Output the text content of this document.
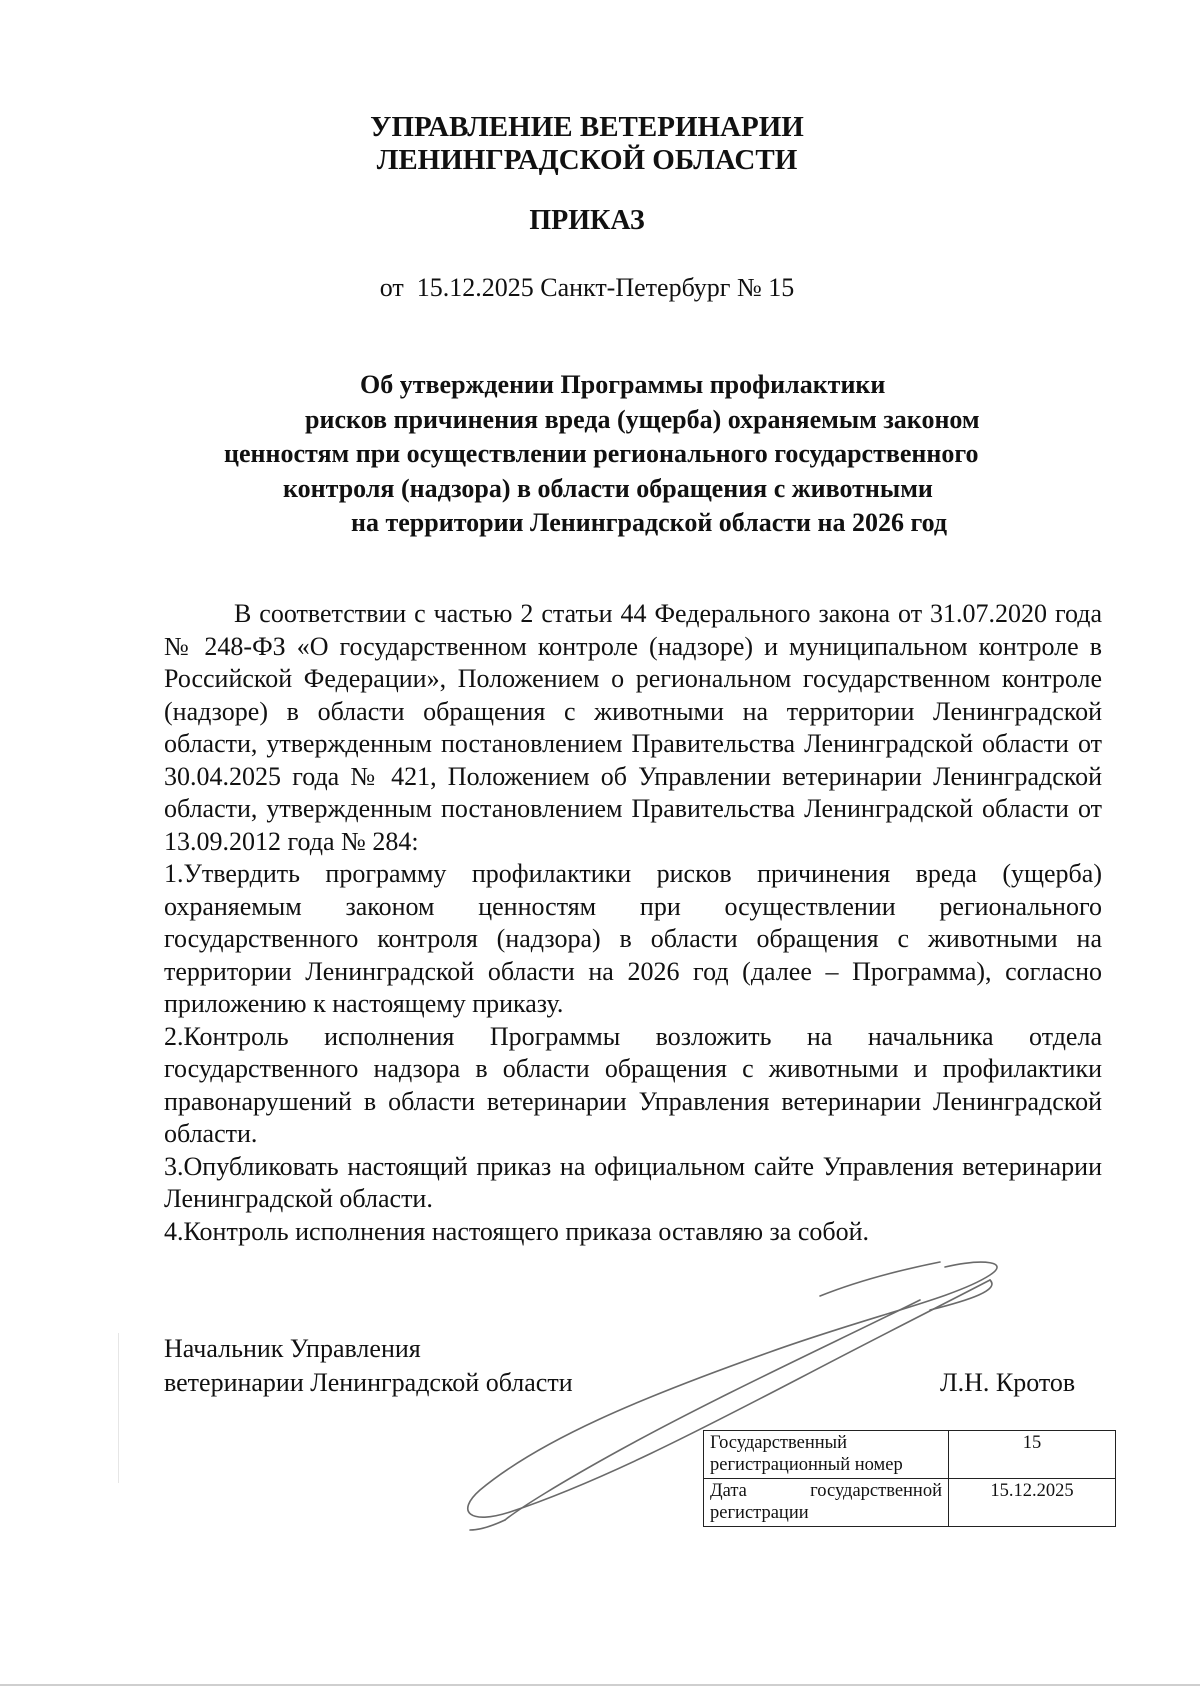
УПРАВЛЕНИЕ ВЕТЕРИНАРИИ
ЛЕНИНГРАДСКОЙ ОБЛАСТИ
ПРИКАЗ
от  15.12.2025 Санкт-Петербург № 15
Об утверждении Программы профилактики
рисков причинения вреда (ущерба) охраняемым законом
ценностям при осуществлении регионального государственного
контроля (надзора) в области обращения с животными
на территории Ленинградской области на 2026 год

В соответствии с частью 2 статьи 44 Федерального закона от 31.07.2020 года № 248-ФЗ «О государственном контроле (надзоре) и муниципальном контроле в Российской Федерации», Положением о региональном государственном контроле (надзоре) в области обращения с животными на территории Ленинградской области, утвержденным постановлением Правительства Ленинградской области от 30.04.2025 года № 421, Положением об Управлении ветеринарии Ленинградской области, утвержденным постановлением Правительства Ленинградской области от 13.09.2012 года № 284:

1.Утвердить программу профилактики рисков причинения вреда (ущерба) охраняемым законом ценностям при осуществлении регионального государственного контроля (надзора) в области обращения с животными на территории Ленинградской области на 2026 год (далее – Программа), согласно приложению к настоящему приказу.

2.Контроль исполнения Программы возложить на начальника отдела государственного надзора в области обращения с животными и профилактики правонарушений в области ветеринарии Управления ветеринарии Ленинградской области.

3.Опубликовать настоящий приказ на официальном сайте Управления ветеринарии Ленинградской области.

4.Контроль исполнения настоящего приказа оставляю за собой.

Начальник Управления
ветеринарии Ленинградской области	Л.Н. Кротов
Государственный регистрационный номер	15
Дата государственной регистрации	15.12.2025
